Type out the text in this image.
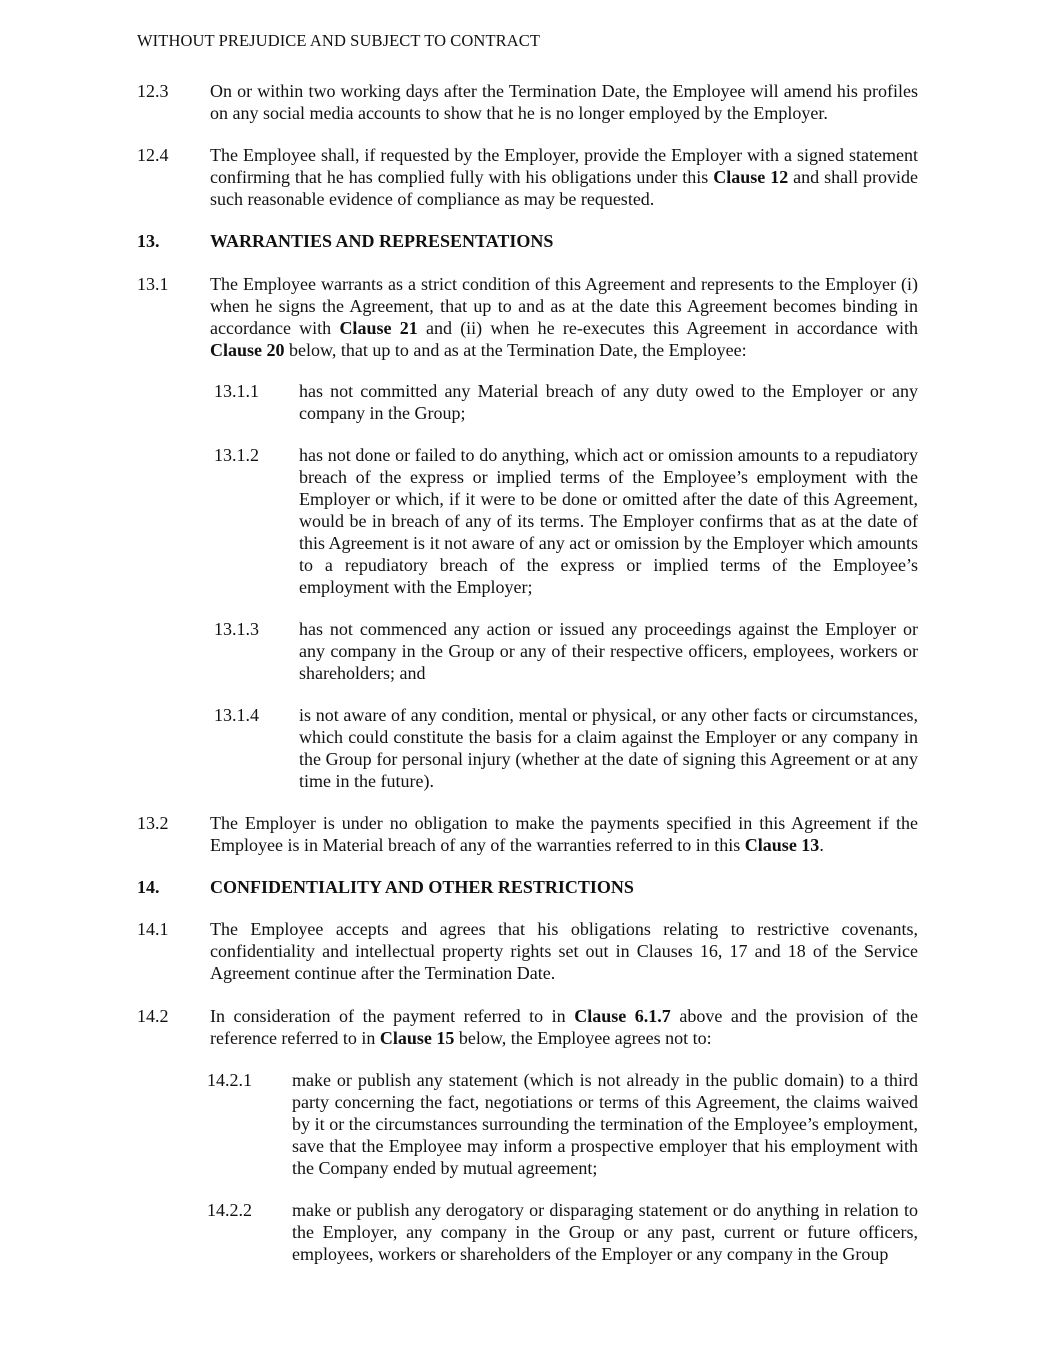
WITHOUT PREJUDICE AND SUBJECT TO CONTRACT
12.3 On or within two working days after the Termination Date, the Employee will amend his profiles on any social media accounts to show that he is no longer employed by the Employer.
12.4 The Employee shall, if requested by the Employer, provide the Employer with a signed statement confirming that he has complied fully with his obligations under this Clause 12 and shall provide such reasonable evidence of compliance as may be requested.
13.	WARRANTIES AND REPRESENTATIONS
13.1 The Employee warrants as a strict condition of this Agreement and represents to the Employer (i) when he signs the Agreement, that up to and as at the date this Agreement becomes binding in accordance with Clause 21 and (ii) when he re-executes this Agreement in accordance with Clause 20 below, that up to and as at the Termination Date, the Employee:
13.1.1 has not committed any Material breach of any duty owed to the Employer or any company in the Group;
13.1.2 has not done or failed to do anything, which act or omission amounts to a repudiatory breach of the express or implied terms of the Employee’s employment with the Employer or which, if it were to be done or omitted after the date of this Agreement, would be in breach of any of its terms. The Employer confirms that as at the date of this Agreement is it not aware of any act or omission by the Employer which amounts to a repudiatory breach of the express or implied terms of the Employee’s employment with the Employer;
13.1.3 has not commenced any action or issued any proceedings against the Employer or any company in the Group or any of their respective officers, employees, workers or shareholders; and
13.1.4 is not aware of any condition, mental or physical, or any other facts or circumstances, which could constitute the basis for a claim against the Employer or any company in the Group for personal injury (whether at the date of signing this Agreement or at any time in the future).
13.2 The Employer is under no obligation to make the payments specified in this Agreement if the Employee is in Material breach of any of the warranties referred to in this Clause 13.
14.	CONFIDENTIALITY AND OTHER RESTRICTIONS
14.1 The Employee accepts and agrees that his obligations relating to restrictive covenants, confidentiality and intellectual property rights set out in Clauses 16, 17 and 18 of the Service Agreement continue after the Termination Date.
14.2 In consideration of the payment referred to in Clause 6.1.7 above and the provision of the reference referred to in Clause 15 below, the Employee agrees not to:
14.2.1 make or publish any statement (which is not already in the public domain) to a third party concerning the fact, negotiations or terms of this Agreement, the claims waived by it or the circumstances surrounding the termination of the Employee’s employment, save that the Employee may inform a prospective employer that his employment with the Company ended by mutual agreement;
14.2.2 make or publish any derogatory or disparaging statement or do anything in relation to the Employer, any company in the Group or any past, current or future officers, employees, workers or shareholders of the Employer or any company in the Group
